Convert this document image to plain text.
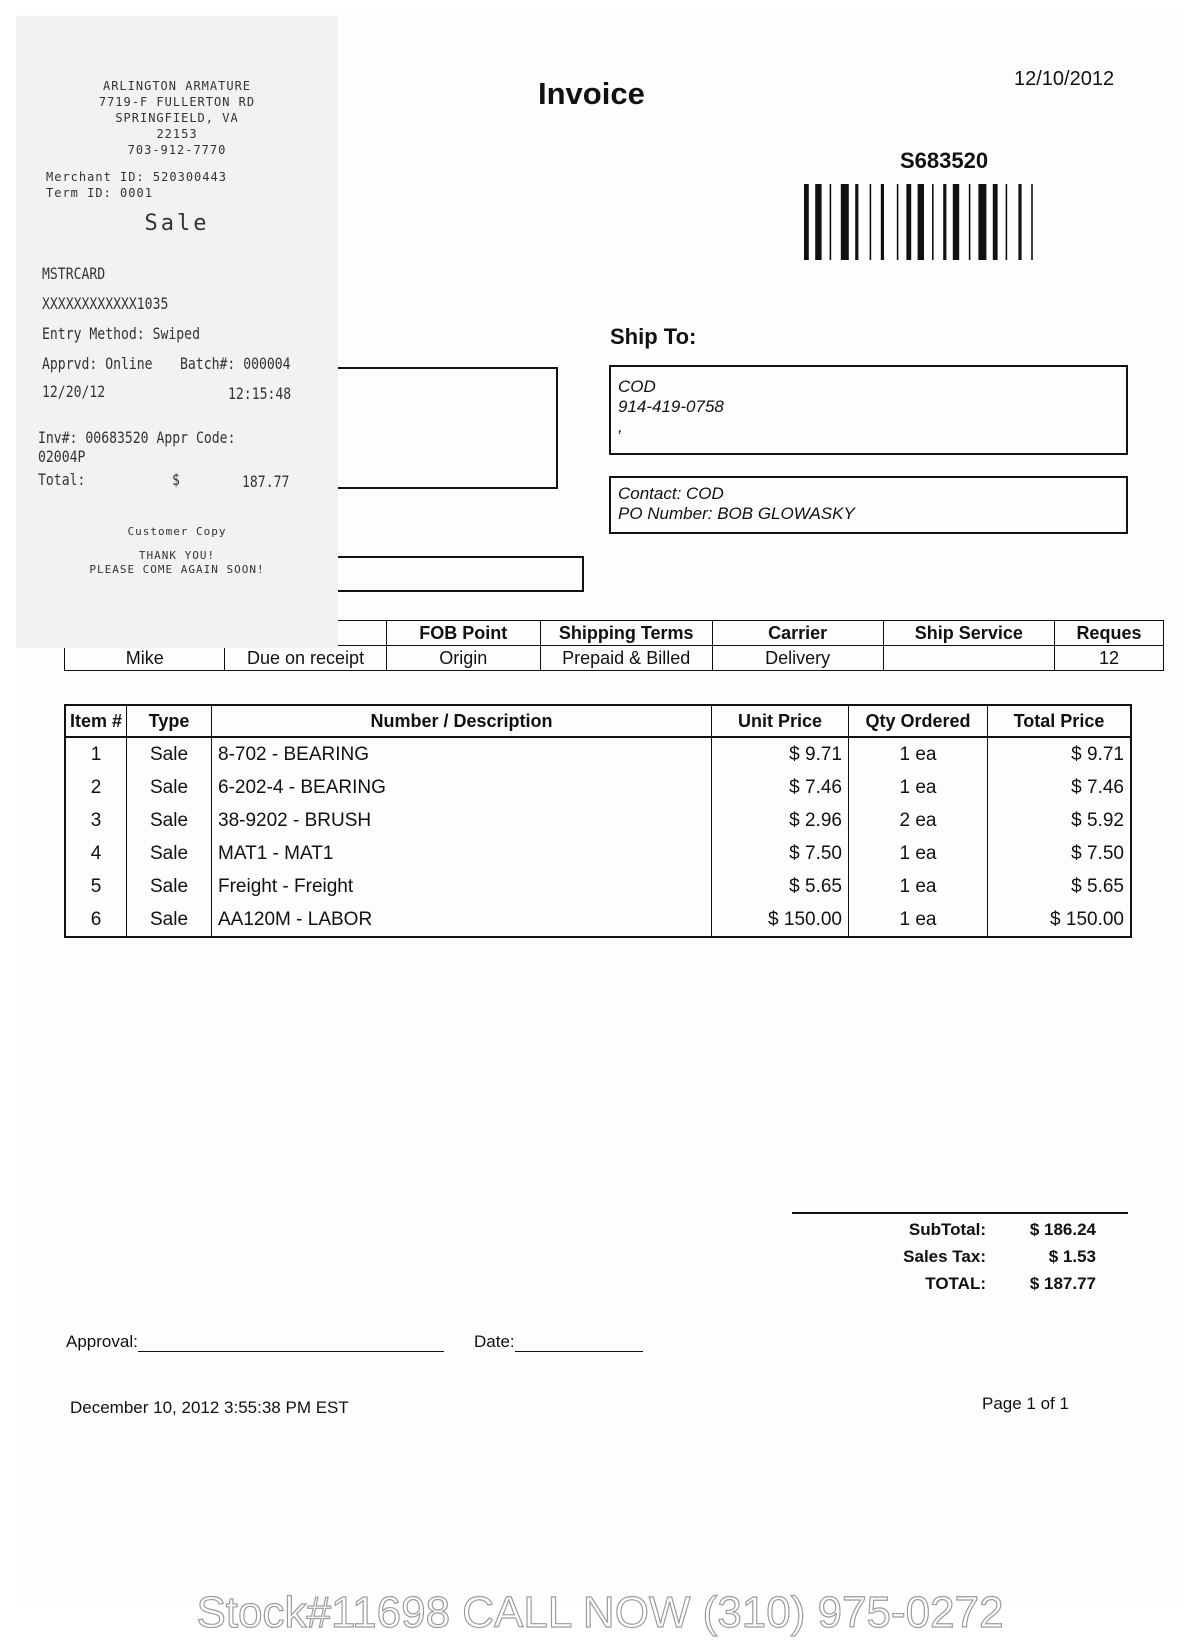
Invoice	12/10/2012
S683520
Ship To:
COD
914-419-0758
,
Contact: COD
PO Number: BOB GLOWASKY
		FOB Point	Shipping Terms	Carrier	Ship Service	Reques
Mike	Due on receipt	Origin	Prepaid & Billed	Delivery		12
Item #	Type	Number / Description	Unit Price	Qty Ordered	Total Price
1	Sale	8-702 - BEARING	$ 9.71	1 ea	$ 9.71
2	Sale	6-202-4 - BEARING	$ 7.46	1 ea	$ 7.46
3	Sale	38-9202 - BRUSH	$ 2.96	2 ea	$ 5.92
4	Sale	MAT1 - MAT1	$ 7.50	1 ea	$ 7.50
5	Sale	Freight - Freight	$ 5.65	1 ea	$ 5.65
6	Sale	AA120M - LABOR	$ 150.00	1 ea	$ 150.00
SubTotal:	$ 186.24
Sales Tax:	$ 1.53
TOTAL:	$ 187.77
Approval:	Date:
December 10, 2012 3:55:38 PM EST	Page 1 of 1
ARLINGTON ARMATURE
7719-F FULLERTON RD
SPRINGFIELD, VA
22153
703-912-7770
Merchant ID: 520300443
Term ID: 0001
Sale
MSTRCARD
XXXXXXXXXXXX1035
Entry Method: Swiped
Apprvd: Online Batch#: 000004
12/20/12	12:15:48
Inv#: 00683520 Appr Code: 02004P
Total:	$	187.77
Customer Copy
THANK YOU!
PLEASE COME AGAIN SOON!
Stock#11698 CALL NOW (310) 975-0272
